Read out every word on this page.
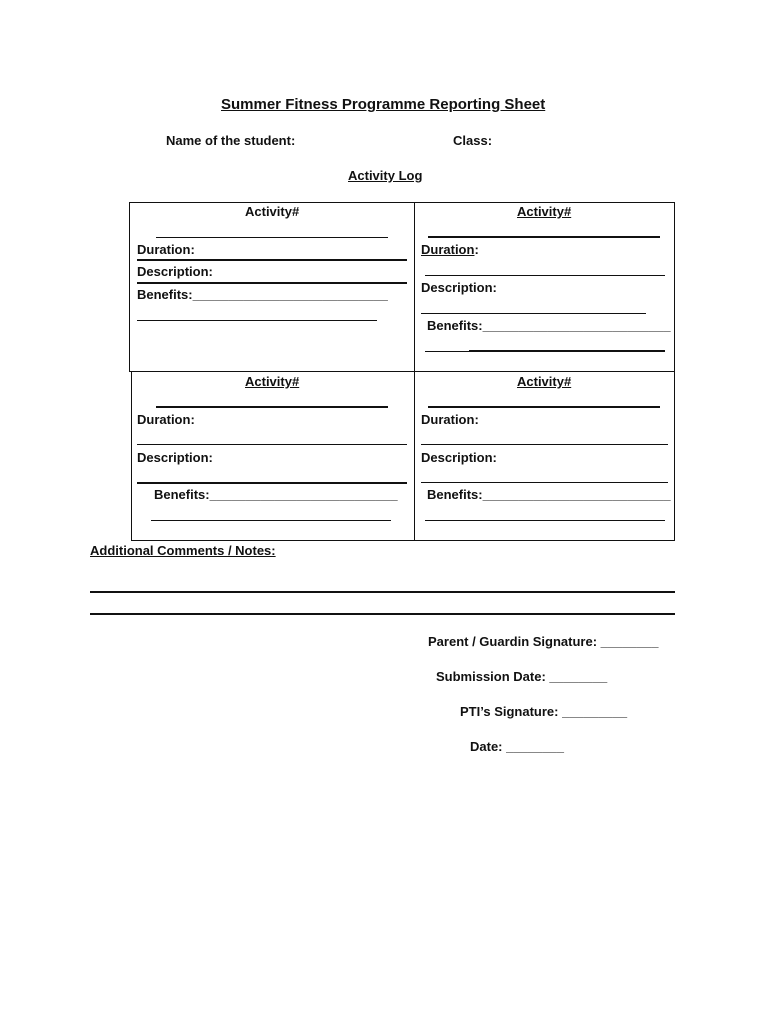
Summer Fitness Programme Reporting Sheet
Name of the student:	Class:
Activity Log
Activity#
Duration:
Description:
Benefits:___________________________
Activity#
Duration:
Description:
Benefits:__________________________
Activity#
Duration:
Description:
Benefits:__________________________
Activity#
Duration:
Description:
Benefits:__________________________
Additional Comments / Notes:
Parent / Guardin Signature: ________
Submission Date: ________
PTI’s Signature: _________
Date: ________
